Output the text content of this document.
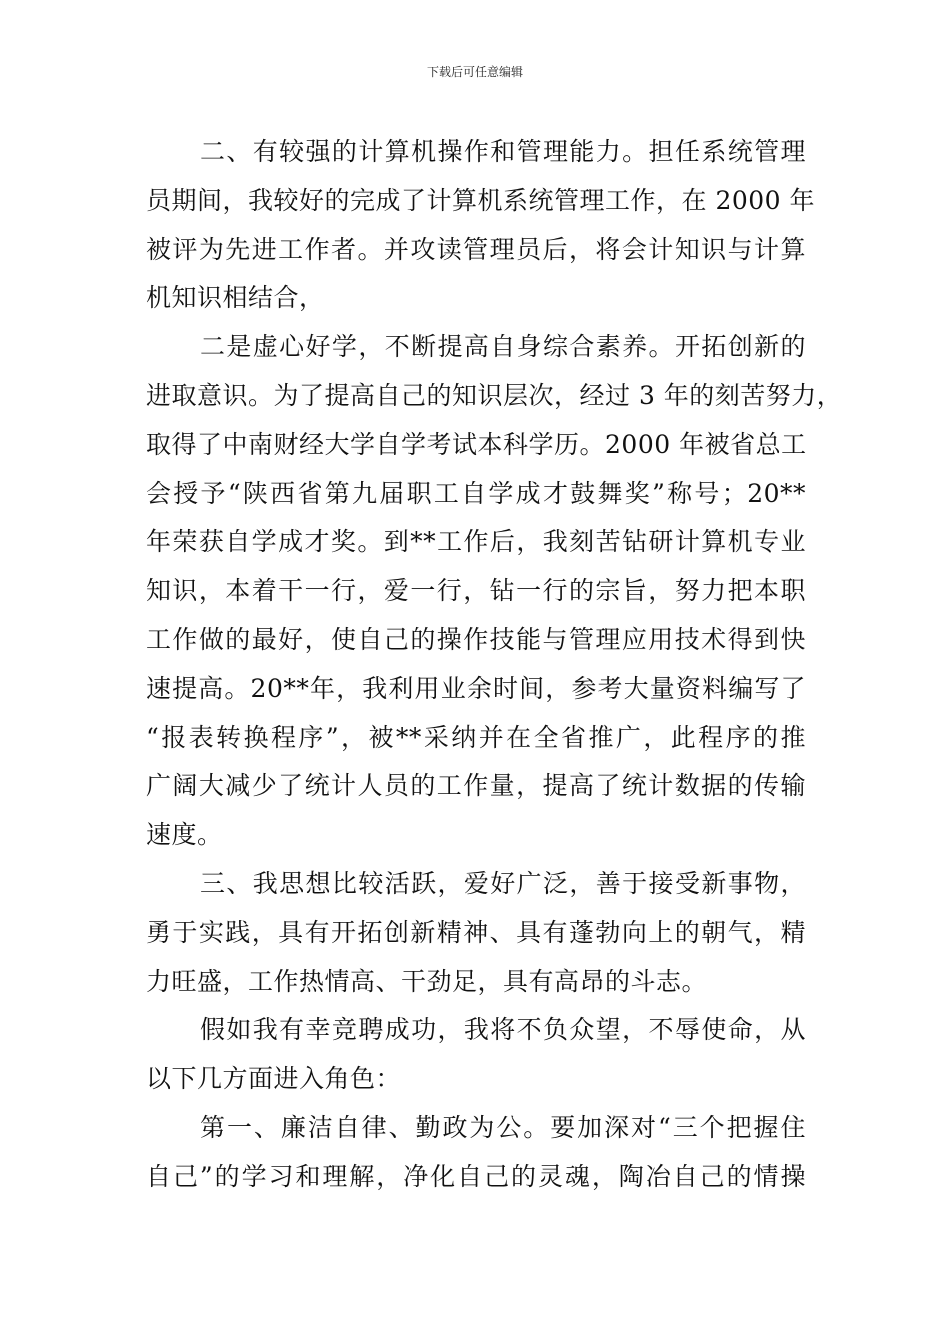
下载后可任意编辑
二、有较强的计算机操作和管理能力。担任系统管理
员期间，我较好的完成了计算机系统管理工作，在 2000 年
被评为先进工作者。并攻读管理员后，将会计知识与计算
机知识相结合，
二是虚心好学，不断提高自身综合素养。开拓创新的
进取意识。为了提高自己的知识层次，经过 3 年的刻苦努力，
取得了中南财经大学自学考试本科学历。2000 年被省总工
会授予“陕西省第九届职工自学成才鼓舞奖”称号；20**
年荣获自学成才奖。到**工作后，我刻苦钻研计算机专业
知识，本着干一行，爱一行，钻一行的宗旨，努力把本职
工作做的最好，使自己的操作技能与管理应用技术得到快
速提高。20**年，我利用业余时间，参考大量资料编写了
“报表转换程序”，被**采纳并在全省推广，此程序的推
广阔大减少了统计人员的工作量，提高了统计数据的传输
速度。
三、我思想比较活跃，爱好广泛，善于接受新事物，
勇于实践，具有开拓创新精神、具有蓬勃向上的朝气，精
力旺盛，工作热情高、干劲足，具有高昂的斗志。
假如我有幸竞聘成功，我将不负众望，不辱使命，从
以下几方面进入角色：
第一、廉洁自律、勤政为公。要加深对“三个把握住
自己”的学习和理解，净化自己的灵魂，陶冶自己的情操
